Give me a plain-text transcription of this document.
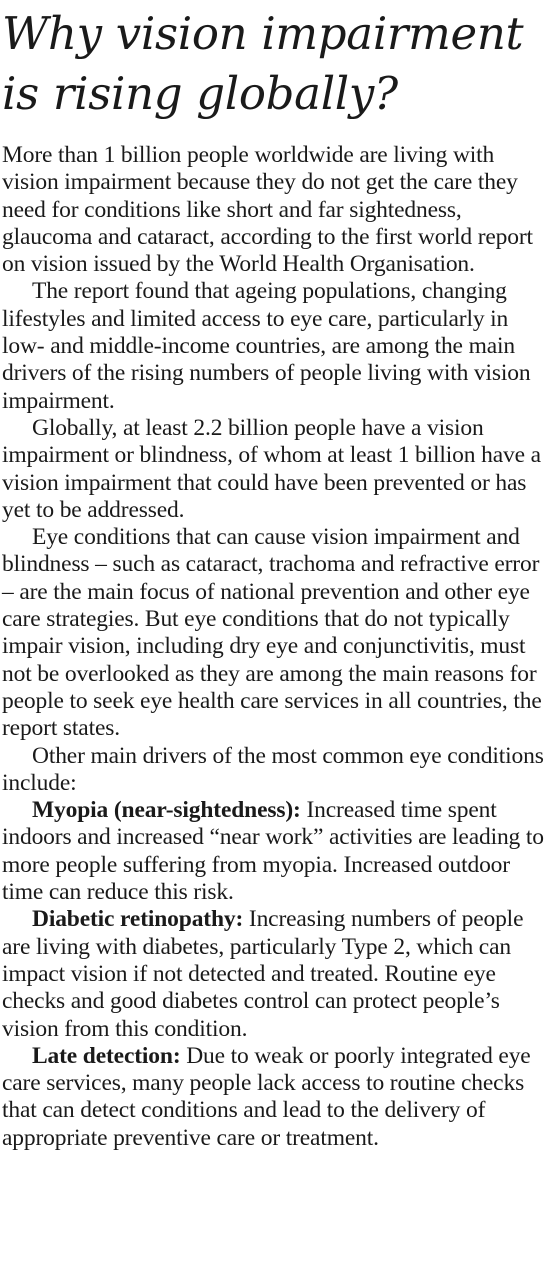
Why vision impairment is rising globally?

More than 1 billion people worldwide are living with vision impairment because they do not get the care they need for conditions like short and far sightedness, glaucoma and cataract, according to the first world report on vision issued by the World Health Organisation.

The report found that ageing populations, changing lifestyles and limited access to eye care, particularly in low- and middle-income countries, are among the main drivers of the rising numbers of people living with vision impairment.

Globally, at least 2.2 billion people have a vision impairment or blindness, of whom at least 1 billion have a vision impairment that could have been prevented or has yet to be addressed.

Eye conditions that can cause vision impairment and blindness – such as cataract, trachoma and refractive error – are the main focus of national prevention and other eye care strategies. But eye conditions that do not typically impair vision, including dry eye and conjunctivitis, must not be overlooked as they are among the main reasons for people to seek eye health care services in all countries, the report states.

Other main drivers of the most common eye conditions include:

Myopia (near-sightedness): Increased time spent indoors and increased “near work” activities are leading to more people suffering from myopia. Increased outdoor time can reduce this risk.

Diabetic retinopathy: Increasing numbers of people are living with diabetes, particularly Type 2, which can impact vision if not detected and treated. Routine eye checks and good diabetes control can protect people’s vision from this condition.

Late detection: Due to weak or poorly integrated eye care services, many people lack access to routine checks that can detect conditions and lead to the delivery of appropriate preventive care or treatment.
